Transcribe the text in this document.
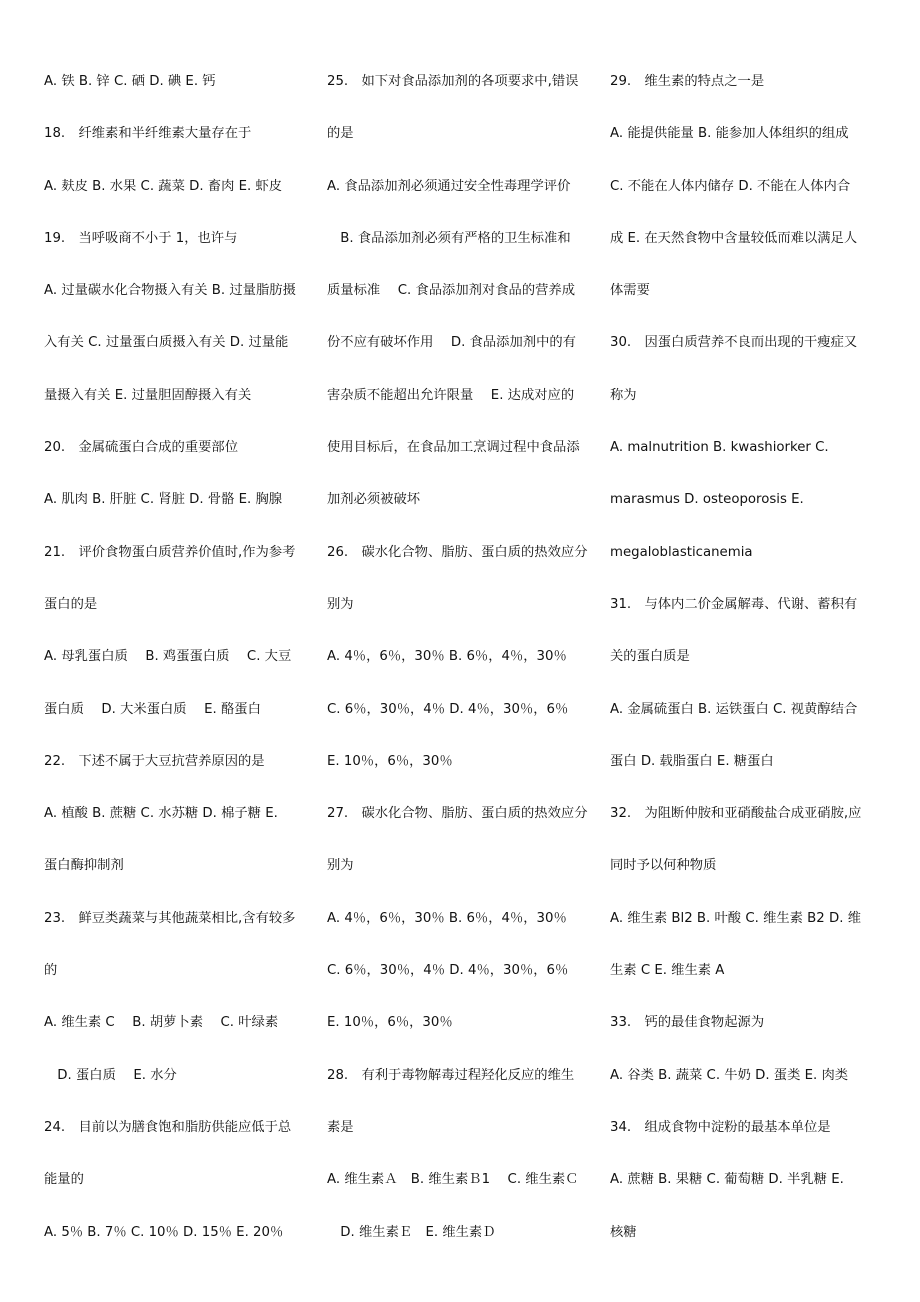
A. 铁 B. 锌 C. 硒 D. 碘 E. 钙
18.　纤维素和半纤维素大量存在于
A. 麸皮 B. 水果 C. 蔬菜 D. 畜肉 E. 虾皮
19.　当呼吸商不小于 1，也许与
A. 过量碳水化合物摄入有关 B. 过量脂肪摄
入有关 C. 过量蛋白质摄入有关 D. 过量能
量摄入有关 E. 过量胆固醇摄入有关
20.　金属硫蛋白合成的重要部位
A. 肌肉 B. 肝脏 C. 肾脏 D. 骨骼 E. 胸腺
21.　评价食物蛋白质营养价值时,作为参考
蛋白的是
A. 母乳蛋白质　 B. 鸡蛋蛋白质　 C. 大豆
蛋白质　 D. 大米蛋白质　 E. 酪蛋白
22.　下述不属于大豆抗营养原因的是
A. 植酸 B. 蔗糖 C. 水苏糖 D. 棉子糖 E.
蛋白酶抑制剂
23.　鲜豆类蔬菜与其他蔬菜相比,含有较多
的
A. 维生素 C　 B. 胡萝卜素　 C. 叶绿素
　D. 蛋白质　 E. 水分
24.　目前以为膳食饱和脂肪供能应低于总
能量的
A. 5％ B. 7％ C. 10％ D. 15％ E. 20％
25.　如下对食品添加剂的各项要求中,错误
的是
A. 食品添加剂必须通过安全性毒理学评价
　B. 食品添加剂必须有严格的卫生标准和
质量标准　 C. 食品添加剂对食品的营养成
份不应有破坏作用　 D. 食品添加剂中的有
害杂质不能超出允许限量　 E. 达成对应的
使用目标后，在食品加工烹调过程中食品添
加剂必须被破坏
26.　碳水化合物、脂肪、蛋白质的热效应分
别为
A. 4％，6％，30％ B. 6％，4％，30％
C. 6％，30％，4％ D. 4％，30％，6％
E. 10％，6％，30％
27.　碳水化合物、脂肪、蛋白质的热效应分
别为
A. 4％，6％，30％ B. 6％，4％，30％
C. 6％，30％，4％ D. 4％，30％，6％
E. 10％，6％，30％
28.　有利于毒物解毒过程羟化反应的维生
素是
A. 维生素Ａ　B. 维生素Ｂ1　 C. 维生素Ｃ
　D. 维生素Ｅ　E. 维生素Ｄ
29.　维生素的特点之一是
A. 能提供能量 B. 能参加人体组织的组成
C. 不能在人体内储存 D. 不能在人体内合
成 E. 在天然食物中含量较低而难以满足人
体需要
30.　因蛋白质营养不良而出现的干瘦症又
称为
A. malnutrition B. kwashiorker C.
marasmus D. osteoporosis E.
megaloblasticanemia
31.　与体内二价金属解毒、代谢、蓄积有
关的蛋白质是
A. 金属硫蛋白 B. 运铁蛋白 C. 视黄醇结合
蛋白 D. 载脂蛋白 E. 糖蛋白
32.　为阻断仲胺和亚硝酸盐合成亚硝胺,应
同时予以何种物质
A. 维生素 Bl2 B. 叶酸 C. 维生素 B2 D. 维
生素 C E. 维生素 A
33.　钙的最佳食物起源为
A. 谷类 B. 蔬菜 C. 牛奶 D. 蛋类 E. 肉类
34.　组成食物中淀粉的最基本单位是
A. 蔗糖 B. 果糖 C. 葡萄糖 D. 半乳糖 E.
核糖
